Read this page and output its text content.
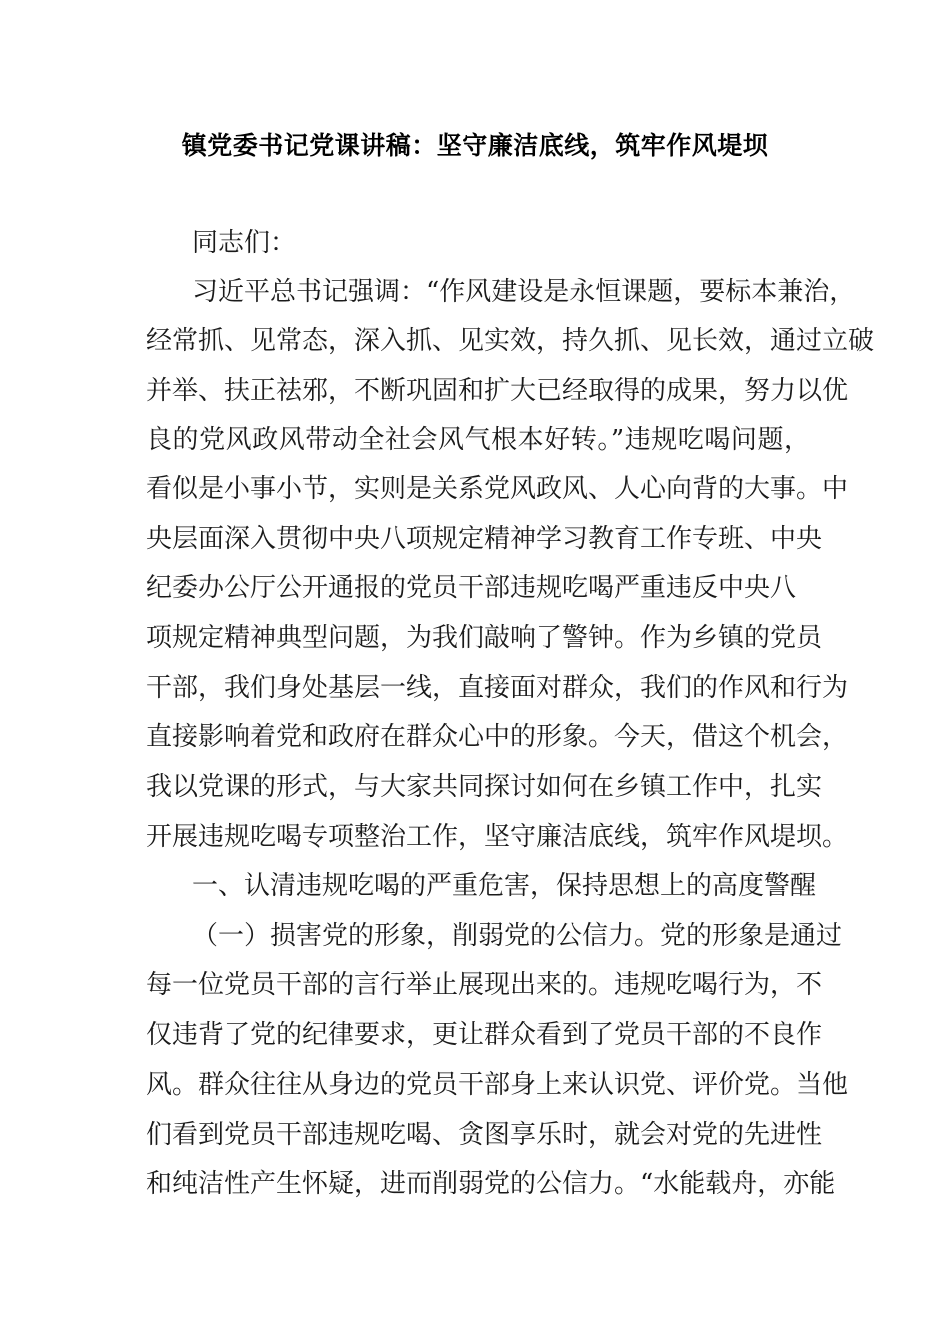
镇党委书记党课讲稿：坚守廉洁底线，筑牢作风堤坝
同志们：
习近平总书记强调：“作风建设是永恒课题，要标本兼治，
经常抓、见常态，深入抓、见实效，持久抓、见长效，通过立破
并举、扶正祛邪，不断巩固和扩大已经取得的成果，努力以优
良的党风政风带动全社会风气根本好转。”违规吃喝问题，
看似是小事小节，实则是关系党风政风、人心向背的大事。中
央层面深入贯彻中央八项规定精神学习教育工作专班、中央
纪委办公厅公开通报的党员干部违规吃喝严重违反中央八
项规定精神典型问题，为我们敲响了警钟。作为乡镇的党员
干部，我们身处基层一线，直接面对群众，我们的作风和行为
直接影响着党和政府在群众心中的形象。今天，借这个机会，
我以党课的形式，与大家共同探讨如何在乡镇工作中，扎实
开展违规吃喝专项整治工作，坚守廉洁底线，筑牢作风堤坝。
一、认清违规吃喝的严重危害，保持思想上的高度警醒
（一）损害党的形象，削弱党的公信力。党的形象是通过
每一位党员干部的言行举止展现出来的。违规吃喝行为，不
仅违背了党的纪律要求，更让群众看到了党员干部的不良作
风。群众往往从身边的党员干部身上来认识党、评价党。当他
们看到党员干部违规吃喝、贪图享乐时，就会对党的先进性
和纯洁性产生怀疑，进而削弱党的公信力。“水能载舟，亦能
